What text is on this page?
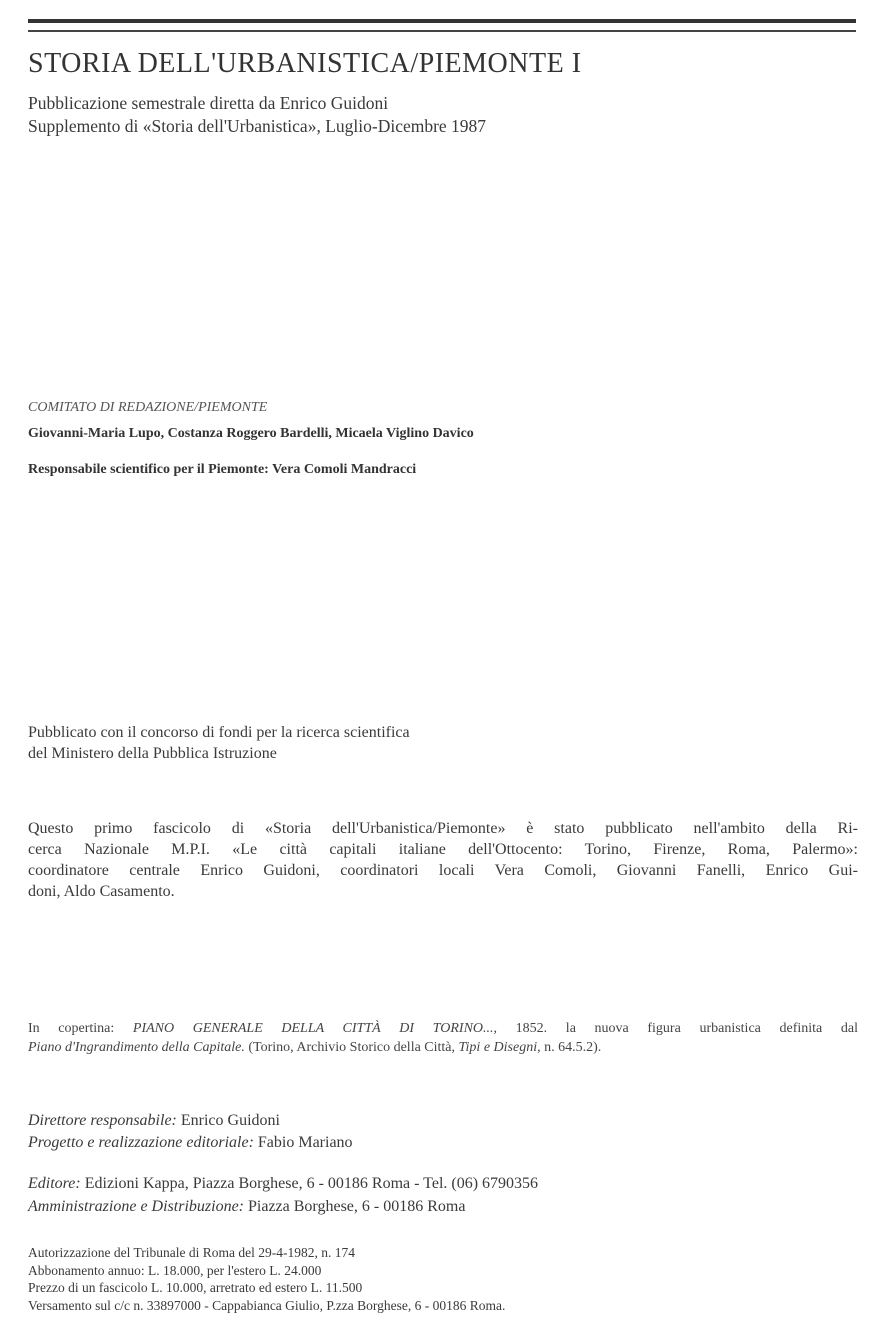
STORIA DELL'URBANISTICA/PIEMONTE I
Pubblicazione semestrale diretta da Enrico Guidoni
Supplemento di «Storia dell'Urbanistica», Luglio-Dicembre 1987
COMITATO DI REDAZIONE/PIEMONTE
Giovanni-Maria Lupo, Costanza Roggero Bardelli, Micaela Viglino Davico
Responsabile scientifico per il Piemonte: Vera Comoli Mandracci
Pubblicato con il concorso di fondi per la ricerca scientifica
del Ministero della Pubblica Istruzione
Questo primo fascicolo di «Storia dell'Urbanistica/Piemonte» è stato pubblicato nell'ambito della Ri-
cerca Nazionale M.P.I. «Le città capitali italiane dell'Ottocento: Torino, Firenze, Roma, Palermo»:
coordinatore centrale Enrico Guidoni, coordinatori locali Vera Comoli, Giovanni Fanelli, Enrico Gui-
doni, Aldo Casamento.
In copertina: PIANO GENERALE DELLA CITTÀ DI TORINO..., 1852. la nuova figura urbanistica definita dal
Piano d'Ingrandimento della Capitale. (Torino, Archivio Storico della Città, Tipi e Disegni, n. 64.5.2).
Direttore responsabile: Enrico Guidoni
Progetto e realizzazione editoriale: Fabio Mariano
Editore: Edizioni Kappa, Piazza Borghese, 6 - 00186 Roma - Tel. (06) 6790356
Amministrazione e Distribuzione: Piazza Borghese, 6 - 00186 Roma
Autorizzazione del Tribunale di Roma del 29-4-1982, n. 174
Abbonamento annuo: L. 18.000, per l'estero L. 24.000
Prezzo di un fascicolo L. 10.000, arretrato ed estero L. 11.500
Versamento sul c/c n. 33897000 - Cappabianca Giulio, P.zza Borghese, 6 - 00186 Roma.
